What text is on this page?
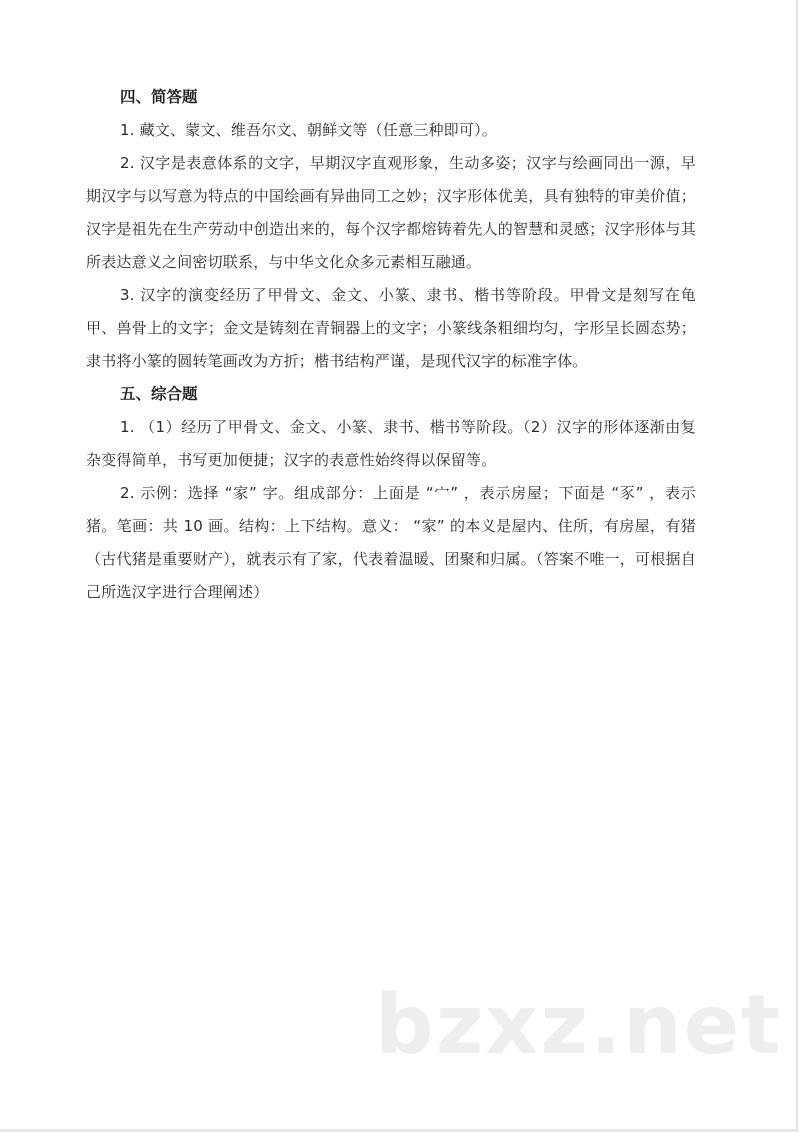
四、简答题

1. 藏文、蒙文、维吾尔文、朝鲜文等（任意三种即可）。

2. 汉字是表意体系的文字，早期汉字直观形象，生动多姿；汉字与绘画同出一源，早期汉字与以写意为特点的中国绘画有异曲同工之妙；汉字形体优美，具有独特的审美价值；汉字是祖先在生产劳动中创造出来的，每个汉字都熔铸着先人的智慧和灵感；汉字形体与其所表达意义之间密切联系，与中华文化众多元素相互融通。

3. 汉字的演变经历了甲骨文、金文、小篆、隶书、楷书等阶段。甲骨文是刻写在龟甲、兽骨上的文字；金文是铸刻在青铜器上的文字；小篆线条粗细均匀，字形呈长圆态势；隶书将小篆的圆转笔画改为方折；楷书结构严谨，是现代汉字的标准字体。

五、综合题

1. （1）经历了甲骨文、金文、小篆、隶书、楷书等阶段。（2）汉字的形体逐渐由复杂变得简单，书写更加便捷；汉字的表意性始终得以保留等。

2. 示例：选择 “家” 字。组成部分：上面是 “宀” ，表示房屋；下面是 “豕” ，表示猪。笔画：共 10 画。结构：上下结构。意义： “家” 的本义是屋内、住所，有房屋，有猪（古代猪是重要财产），就表示有了家，代表着温暖、团聚和归属。（答案不唯一，可根据自己所选汉字进行合理阐述）

bzxz.net
